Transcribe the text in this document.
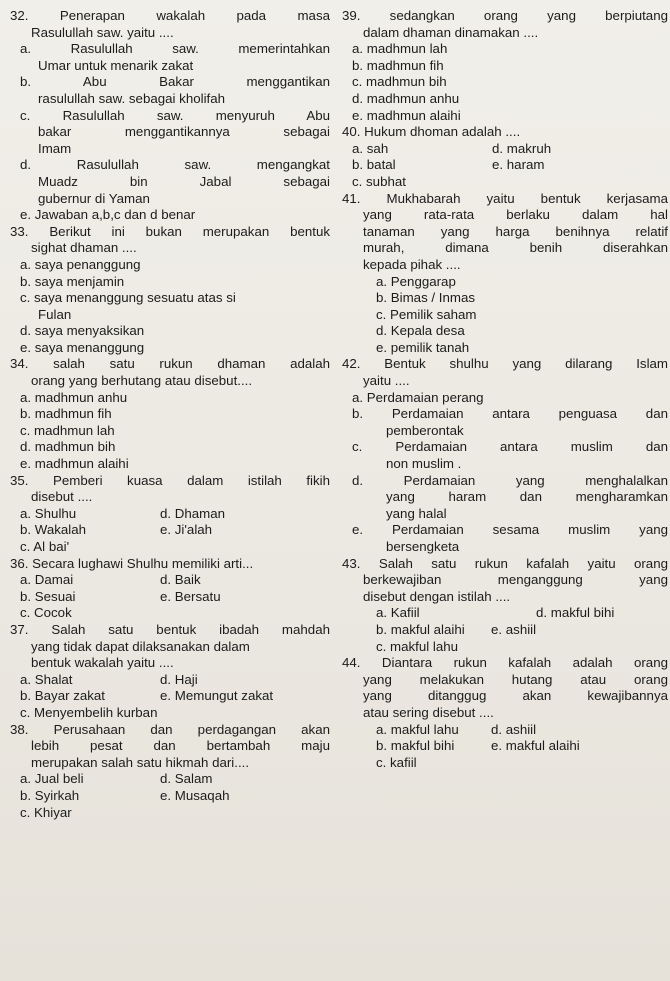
32. Penerapan wakalah pada masa
Rasulullah saw. yaitu ....
a. Rasulullah saw. memerintahkan
Umar untuk menarik zakat
b. Abu Bakar menggantikan
rasulullah saw. sebagai kholifah
c. Rasulullah saw. menyuruh Abu
bakar menggantikannya sebagai
Imam
d. Rasulullah saw. mengangkat
Muadz bin Jabal sebagai
gubernur di Yaman
e. Jawaban a,b,c dan d benar
33. Berikut ini bukan merupakan bentuk
sighat dhaman ....
a. saya penanggung
b. saya menjamin
c. saya menanggung sesuatu atas si
Fulan
d. saya menyaksikan
e. saya menanggung
34. salah satu rukun dhaman adalah
orang yang berhutang atau disebut....
a. madhmun anhu
b. madhmun fih
c. madhmun lah
d. madhmun bih
e. madhmun alaihi
35. Pemberi kuasa dalam istilah fikih
disebut ....
a. Shulhu	d. Dhaman
b. Wakalah	e. Ji'alah
c. Al bai'
36. Secara lughawi Shulhu memiliki arti...
a. Damai	d. Baik
b. Sesuai	e. Bersatu
c. Cocok
37. Salah satu bentuk ibadah mahdah
yang tidak dapat dilaksanakan dalam
bentuk wakalah yaitu ....
a. Shalat	d. Haji
b. Bayar zakat	e. Memungut zakat
c. Menyembelih kurban
38. Perusahaan dan perdagangan akan
lebih pesat dan bertambah maju
merupakan salah satu hikmah dari....
a. Jual beli	d. Salam
b. Syirkah	e. Musaqah
c. Khiyar
39. sedangkan orang yang berpiutang
dalam dhaman dinamakan ....
a. madhmun lah
b. madhmun fih
c. madhmun bih
d. madhmun anhu
e. madhmun alaihi
40. Hukum dhoman adalah ....
a. sah	d. makruh
b. batal	e. haram
c. subhat
41. Mukhabarah yaitu bentuk kerjasama
yang rata-rata berlaku dalam hal
tanaman yang harga benihnya relatif
murah, dimana benih diserahkan
kepada pihak ....
a. Penggarap
b. Bimas / Inmas
c. Pemilik saham
d. Kepala desa
e. pemilik tanah
42. Bentuk shulhu yang dilarang Islam
yaitu ....
a. Perdamaian perang
b. Perdamaian antara penguasa dan
pemberontak
c. Perdamaian antara muslim dan
non muslim .
d. Perdamaian yang menghalalkan
yang haram dan mengharamkan
yang halal
e. Perdamaian sesama muslim yang
bersengketa
43. Salah satu rukun kafalah yaitu orang
berkewajiban menganggung yang
disebut dengan istilah ....
a. Kafiil	d. makful bihi
b. makful alaihi	e. ashiil
c. makful lahu
44. Diantara rukun kafalah adalah orang
yang melakukan hutang atau orang
yang ditanggug akan kewajibannya
atau sering disebut ....
a. makful lahu	d. ashiil
b. makful bihi	e. makful alaihi
c. kafiil
